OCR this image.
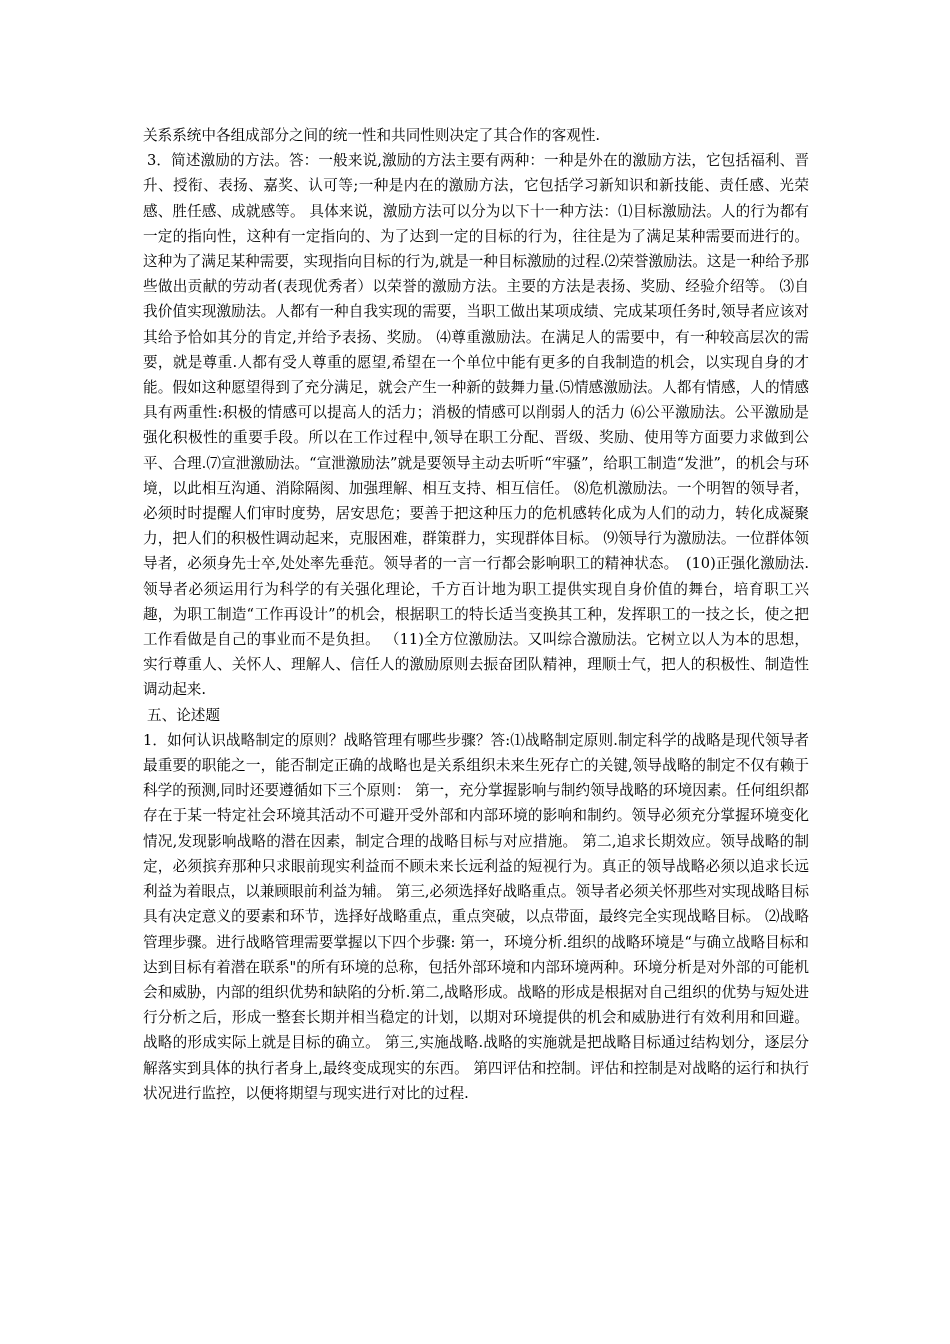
关系系统中各组成部分之间的统一性和共同性则决定了其合作的客观性.

3．简述激励的方法。答：一般来说,激励的方法主要有两种：一种是外在的激励方法，它包括福利、晋升、授衔、表扬、嘉奖、认可等;一种是内在的激励方法，它包括学习新知识和新技能、责任感、光荣感、胜任感、成就感等。 具体来说，激励方法可以分为以下十一种方法：⑴目标激励法。人的行为都有一定的指向性，这种有一定指向的、为了达到一定的目标的行为，往往是为了满足某种需要而进行的。这种为了满足某种需要，实现指向目标的行为,就是一种目标激励的过程.⑵荣誉激励法。这是一种给予那些做出贡献的劳动者(表现优秀者）以荣誉的激励方法。主要的方法是表扬、奖励、经验介绍等。 ⑶自我价值实现激励法。人都有一种自我实现的需要，当职工做出某项成绩、完成某项任务时,领导者应该对其给予恰如其分的肯定,并给予表扬、奖励。 ⑷尊重激励法。在满足人的需要中，有一种较高层次的需要，就是尊重.人都有受人尊重的愿望,希望在一个单位中能有更多的自我制造的机会，以实现自身的才能。假如这种愿望得到了充分满足，就会产生一种新的鼓舞力量.⑸情感激励法。人都有情感，人的情感具有两重性:积极的情感可以提高人的活力；消极的情感可以削弱人的活力 ⑹公平激励法。公平激励是强化积极性的重要手段。所以在工作过程中,领导在职工分配、晋级、奖励、使用等方面要力求做到公平、合理.⑺宣泄激励法。“宣泄激励法”就是要领导主动去听听“牢骚”，给职工制造“发泄”，的机会与环境，以此相互沟通、消除隔阂、加强理解、相互支持、相互信任。 ⑻危机激励法。一个明智的领导者，必须时时提醒人们审时度势，居安思危；要善于把这种压力的危机感转化成为人们的动力，转化成凝聚力，把人们的积极性调动起来，克服困难，群策群力，实现群体目标。 ⑼领导行为激励法。一位群体领导者，必须身先士卒,处处率先垂范。领导者的一言一行都会影响职工的精神状态。　(10)正强化激励法.领导者必须运用行为科学的有关强化理论，千方百计地为职工提供实现自身价值的舞台，培育职工兴趣，为职工制造“工作再设计”的机会，根据职工的特长适当变换其工种，发挥职工的一技之长，使之把工作看做是自己的事业而不是负担。 （11)全方位激励法。又叫综合激励法。它树立以人为本的思想，实行尊重人、关怀人、理解人、信任人的激励原则去振奋团队精神，理顺士气，把人的积极性、制造性调动起来.

五、论述题

1．如何认识战略制定的原则？战略管理有哪些步骤？答:⑴战略制定原则.制定科学的战略是现代领导者最重要的职能之一，能否制定正确的战略也是关系组织未来生死存亡的关键,领导战略的制定不仅有赖于科学的预测,同时还要遵循如下三个原则： 第一，充分掌握影响与制约领导战略的环境因素。任何组织都存在于某一特定社会环境其活动不可避开受外部和内部环境的影响和制约。领导必须充分掌握环境变化情况,发现影响战略的潜在因素，制定合理的战略目标与对应措施。 第二,追求长期效应。领导战略的制定，必须摈弃那种只求眼前现实利益而不顾未来长远利益的短视行为。真正的领导战略必须以追求长远利益为着眼点，以兼顾眼前利益为辅。 第三,必须选择好战略重点。领导者必须关怀那些对实现战略目标具有决定意义的要素和环节，选择好战略重点，重点突破，以点带面，最终完全实现战略目标。 ⑵战略管理步骤。进行战略管理需要掌握以下四个步骤: 第一，环境分析.组织的战略环境是“与确立战略目标和达到目标有着潜在联系"的所有环境的总称，包括外部环境和内部环境两种。环境分析是对外部的可能机会和威胁，内部的组织优势和缺陷的分析.第二,战略形成。战略的形成是根据对自己组织的优势与短处进行分析之后，形成一整套长期并相当稳定的计划，以期对环境提供的机会和威胁进行有效利用和回避。战略的形成实际上就是目标的确立。 第三,实施战略.战略的实施就是把战略目标通过结构划分，逐层分解落实到具体的执行者身上,最终变成现实的东西。 第四评估和控制。评估和控制是对战略的运行和执行状况进行监控，以便将期望与现实进行对比的过程.
